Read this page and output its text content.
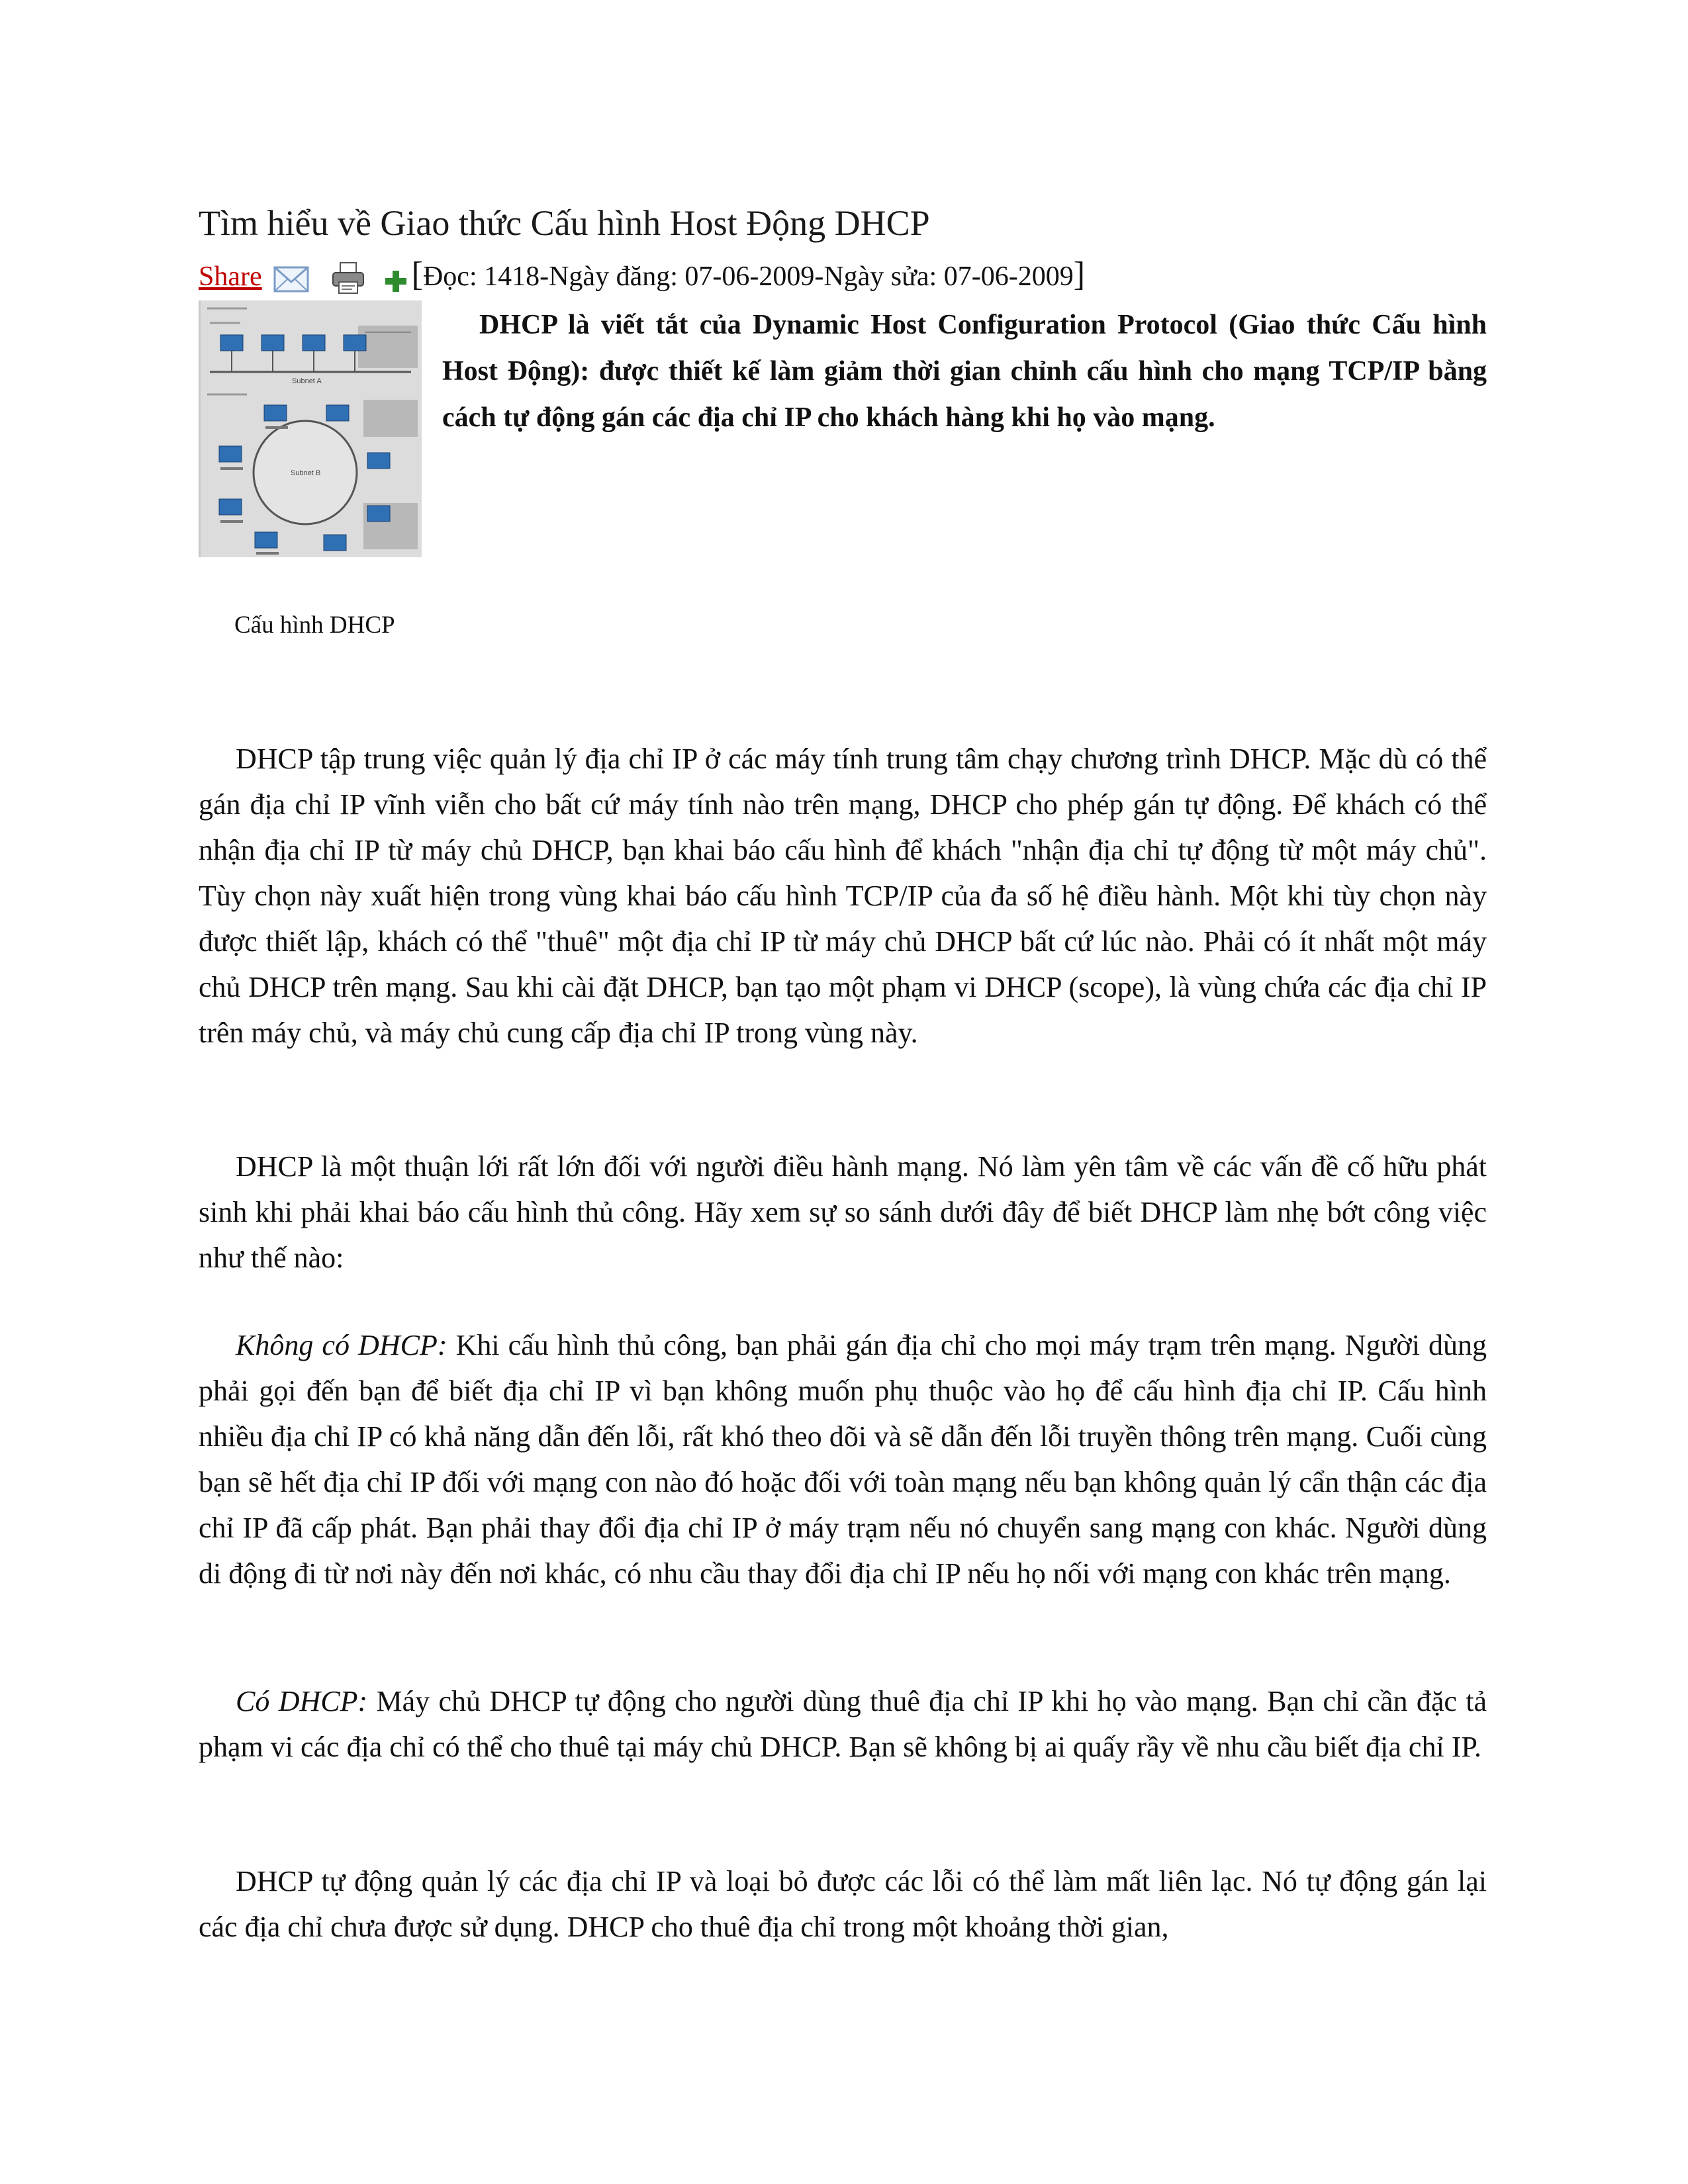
Tìm hiểu về Giao thức Cấu hình Host Động DHCP
Share	[Đọc: 1418-Ngày đăng: 07-06-2009-Ngày sửa: 07-06-2009]
Subnet A
Subnet B
Cấu hình DHCP

DHCP là viết tắt của Dynamic Host Configuration Protocol (Giao thức Cấu hình Host Động): được thiết kế làm giảm thời gian chỉnh cấu hình cho mạng TCP/IP bằng cách tự động gán các địa chỉ IP cho khách hàng khi họ vào mạng.

DHCP tập trung việc quản lý địa chỉ IP ở các máy tính trung tâm chạy chương trình DHCP. Mặc dù có thể gán địa chỉ IP vĩnh viễn cho bất cứ máy tính nào trên mạng, DHCP cho phép gán tự động. Để khách có thể nhận địa chỉ IP từ máy chủ DHCP, bạn khai báo cấu hình để khách "nhận địa chỉ tự động từ một máy chủ". Tùy chọn này xuất hiện trong vùng khai báo cấu hình TCP/IP của đa số hệ điều hành. Một khi tùy chọn này được thiết lập, khách có thể "thuê" một địa chỉ IP từ máy chủ DHCP bất cứ lúc nào. Phải có ít nhất một máy chủ DHCP trên mạng. Sau khi cài đặt DHCP, bạn tạo một phạm vi DHCP (scope), là vùng chứa các địa chỉ IP trên máy chủ, và máy chủ cung cấp địa chỉ IP trong vùng này.

DHCP là một thuận lới rất lớn đối với người điều hành mạng. Nó làm yên tâm về các vấn đề cố hữu phát sinh khi phải khai báo cấu hình thủ công. Hãy xem sự so sánh dưới đây để biết DHCP làm nhẹ bớt công việc như thế nào:

Không có DHCP: Khi cấu hình thủ công, bạn phải gán địa chỉ cho mọi máy trạm trên mạng. Người dùng phải gọi đến bạn để biết địa chỉ IP vì bạn không muốn phụ thuộc vào họ để cấu hình địa chỉ IP. Cấu hình nhiều địa chỉ IP có khả năng dẫn đến lỗi, rất khó theo dõi và sẽ dẫn đến lỗi truyền thông trên mạng. Cuối cùng bạn sẽ hết địa chỉ IP đối với mạng con nào đó hoặc đối với toàn mạng nếu bạn không quản lý cẩn thận các địa chỉ IP đã cấp phát. Bạn phải thay đổi địa chỉ IP ở máy trạm nếu nó chuyển sang mạng con khác. Người dùng di động đi từ nơi này đến nơi khác, có nhu cầu thay đổi địa chỉ IP nếu họ nối với mạng con khác trên mạng.

Có DHCP: Máy chủ DHCP tự động cho người dùng thuê địa chỉ IP khi họ vào mạng. Bạn chỉ cần đặc tả phạm vi các địa chỉ có thể cho thuê tại máy chủ DHCP. Bạn sẽ không bị ai quấy rầy về nhu cầu biết địa chỉ IP.

DHCP tự động quản lý các địa chỉ IP và loại bỏ được các lỗi có thể làm mất liên lạc. Nó tự động gán lại các địa chỉ chưa được sử dụng. DHCP cho thuê địa chỉ trong một khoảng thời gian,
